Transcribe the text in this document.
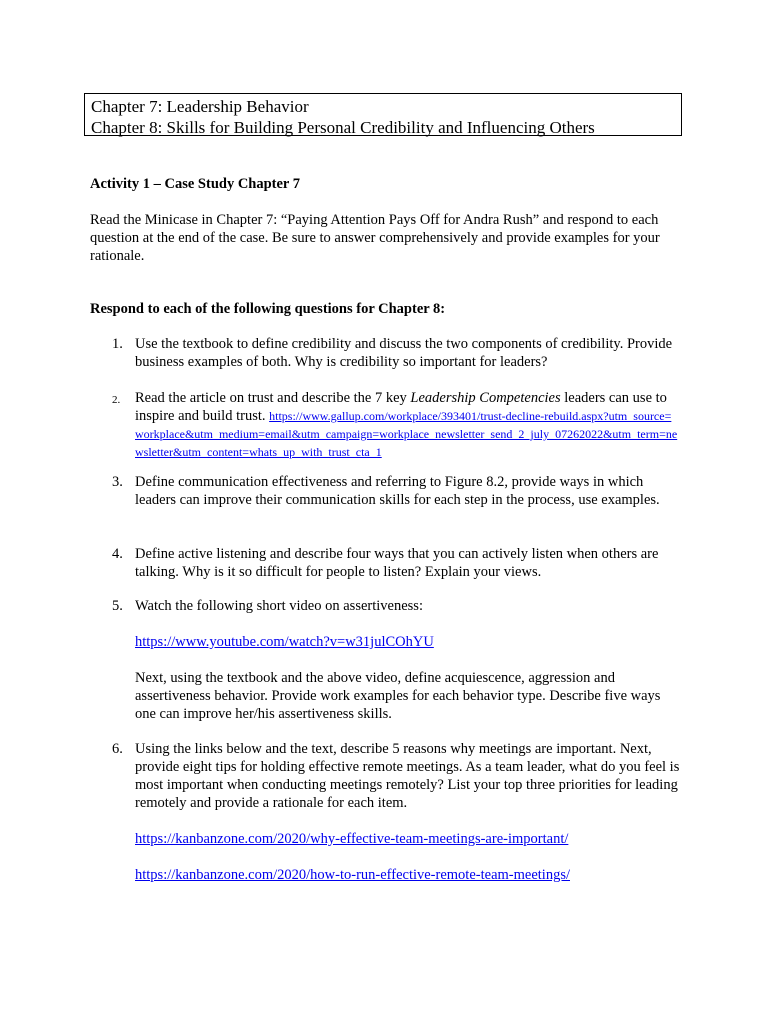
Chapter 7: Leadership Behavior
Chapter 8: Skills for Building Personal Credibility and Influencing Others
Activity 1 – Case Study Chapter 7
Read the Minicase in Chapter 7: “Paying Attention Pays Off for Andra Rush” and respond to each question at the end of the case. Be sure to answer comprehensively and provide examples for your rationale.
Respond to each of the following questions for Chapter 8:
1. Use the textbook to define credibility and discuss the two components of credibility. Provide business examples of both. Why is credibility so important for leaders?
2.	Read the article on trust and describe the 7 key Leadership Competencies leaders can use to inspire and build trust. https://www.gallup.com/workplace/393401/trust-decline-rebuild.aspx?utm_source=workplace&utm_medium=email&utm_campaign=workplace_newsletter_send_2_july_07262022&utm_term=newsletter&utm_content=whats_up_with_trust_cta_1
3. Define communication effectiveness and referring to Figure 8.2, provide ways in which leaders can improve their communication skills for each step in the process, use examples.
4. Define active listening and describe four ways that you can actively listen when others are talking. Why is it so difficult for people to listen? Explain your views.
5. Watch the following short video on assertiveness:
https://www.youtube.com/watch?v=w31julCOhYU
Next, using the textbook and the above video, define acquiescence, aggression and assertiveness behavior. Provide work examples for each behavior type. Describe five ways one can improve her/his assertiveness skills.
6. Using the links below and the text, describe 5 reasons why meetings are important. Next, provide eight tips for holding effective remote meetings. As a team leader, what do you feel is most important when conducting meetings remotely? List your top three priorities for leading remotely and provide a rationale for each item.
https://kanbanzone.com/2020/why-effective-team-meetings-are-important/
https://kanbanzone.com/2020/how-to-run-effective-remote-team-meetings/
